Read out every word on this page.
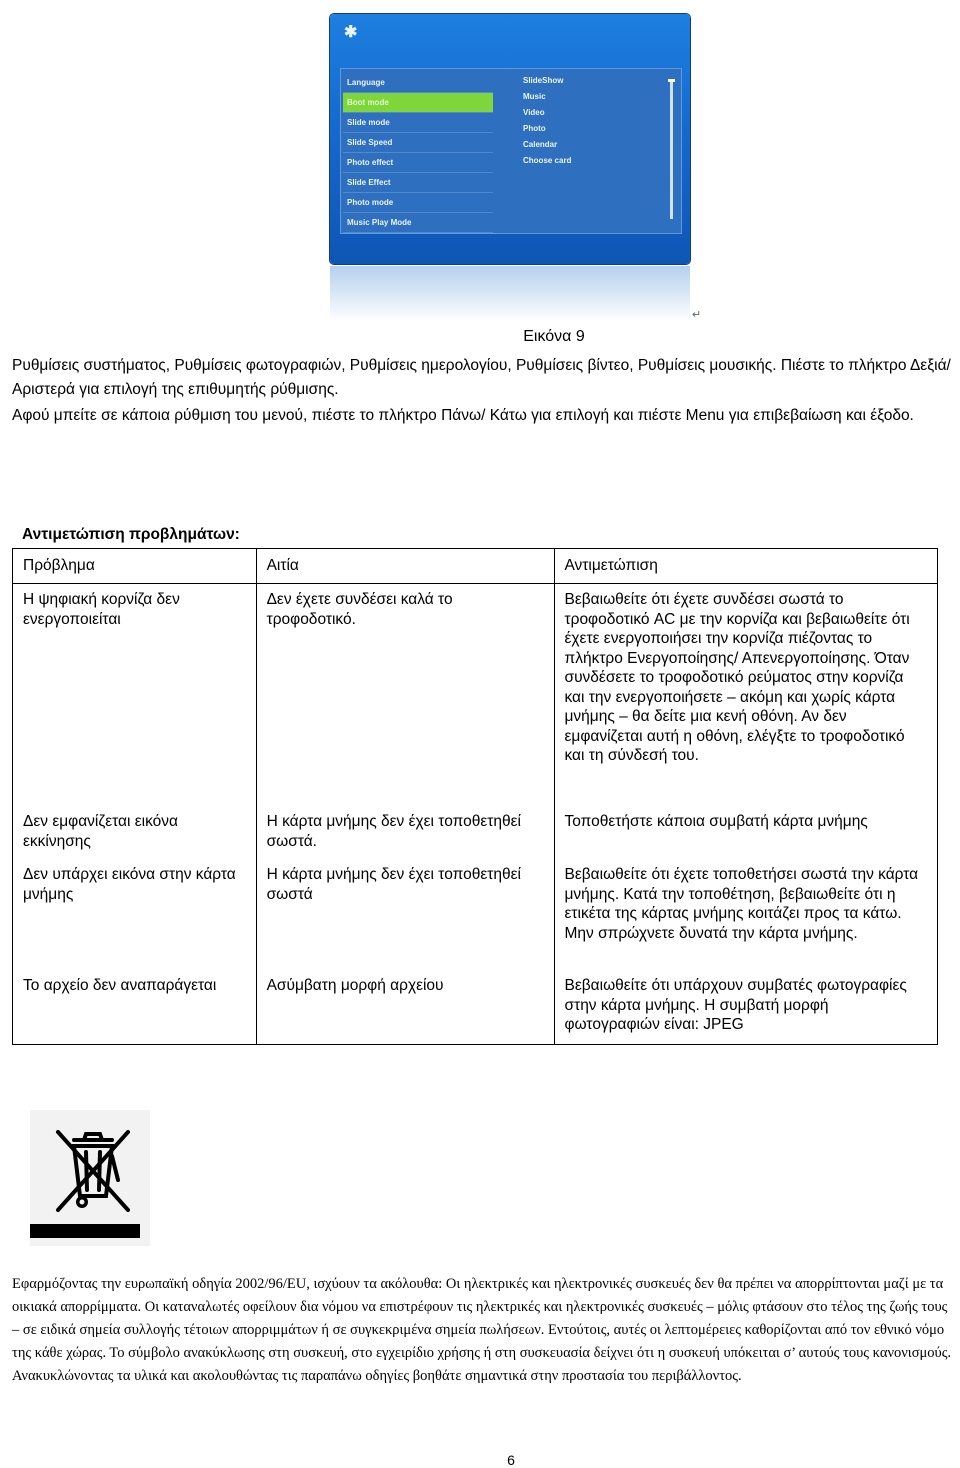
✱
Language
Boot mode
Slide mode
Slide Speed
Photo effect
Slide Effect
Photo mode
Music Play Mode
SlideShow
Music
Video
Photo
Calendar
Choose card
↵
Εικόνα 9
Ρυθμίσεις συστήματος, Ρυθμίσεις φωτογραφιών, Ρυθμίσεις ημερολογίου, Ρυθμίσεις βίντεο, Ρυθμίσεις μουσικής. Πιέστε το πλήκτρο Δεξιά/ Αριστερά για επιλογή της επιθυμητής ρύθμισης.
Αφού μπείτε σε κάποια ρύθμιση του μενού, πιέστε το πλήκτρο Πάνω/ Κάτω για επιλογή και πιέστε Menu για επιβεβαίωση και έξοδο.
Αντιμετώπιση προβλημάτων:
Πρόβλημα	Αιτία	Αντιμετώπιση
Η ψηφιακή κορνίζα δεν ενεργοποιείται	Δεν έχετε συνδέσει καλά το τροφοδοτικό.	Βεβαιωθείτε ότι έχετε συνδέσει σωστά το τροφοδοτικό AC με την κορνίζα και βεβαιωθείτε ότι έχετε ενεργοποιήσει την κορνίζα πιέζοντας το πλήκτρο Ενεργοποίησης/ Απενεργοποίησης. Όταν συνδέσετε το τροφοδοτικό ρεύματος στην κορνίζα και την ενεργοποιήσετε – ακόμη και χωρίς κάρτα μνήμης – θα δείτε μια κενή οθόνη. Αν δεν εμφανίζεται αυτή η οθόνη, ελέγξτε το τροφοδοτικό και τη σύνδεσή του.
Δεν εμφανίζεται εικόνα εκκίνησης	Η κάρτα μνήμης δεν έχει τοποθετηθεί σωστά.	Τοποθετήστε κάποια συμβατή κάρτα μνήμης
Δεν υπάρχει εικόνα στην κάρτα μνήμης	Η κάρτα μνήμης δεν έχει τοποθετηθεί σωστά	Βεβαιωθείτε ότι έχετε τοποθετήσει σωστά την κάρτα μνήμης. Κατά την τοποθέτηση, βεβαιωθείτε ότι η ετικέτα της κάρτας μνήμης κοιτάζει προς τα κάτω. Μην σπρώχνετε δυνατά την κάρτα μνήμης.
Το αρχείο δεν αναπαράγεται	Ασύμβατη μορφή αρχείου	Βεβαιωθείτε ότι υπάρχουν συμβατές φωτογραφίες στην κάρτα μνήμης. Η συμβατή μορφή φωτογραφιών είναι: JPEG
Εφαρμόζοντας την ευρωπαϊκή οδηγία 2002/96/EU, ισχύουν τα ακόλουθα: Οι ηλεκτρικές και ηλεκτρονικές συσκευές δεν θα πρέπει να απορρίπτονται μαζί με τα οικιακά απορρίμματα. Οι καταναλωτές οφείλουν δια νόμου να επιστρέφουν τις ηλεκτρικές και ηλεκτρονικές συσκευές – μόλις φτάσουν στο τέλος της ζωής τους – σε ειδικά σημεία συλλογής τέτοιων απορριμμάτων ή σε συγκεκριμένα σημεία πωλήσεων. Εντούτοις, αυτές οι λεπτομέρειες καθορίζονται από τον εθνικό νόμο της κάθε χώρας. Το σύμβολο ανακύκλωσης στη συσκευή, στο εγχειρίδιο χρήσης ή στη συσκευασία δείχνει ότι η συσκευή υπόκειται σ’ αυτούς τους κανονισμούς. Ανακυκλώνοντας τα υλικά και ακολουθώντας τις παραπάνω οδηγίες βοηθάτε σημαντικά στην προστασία του περιβάλλοντος.
6
